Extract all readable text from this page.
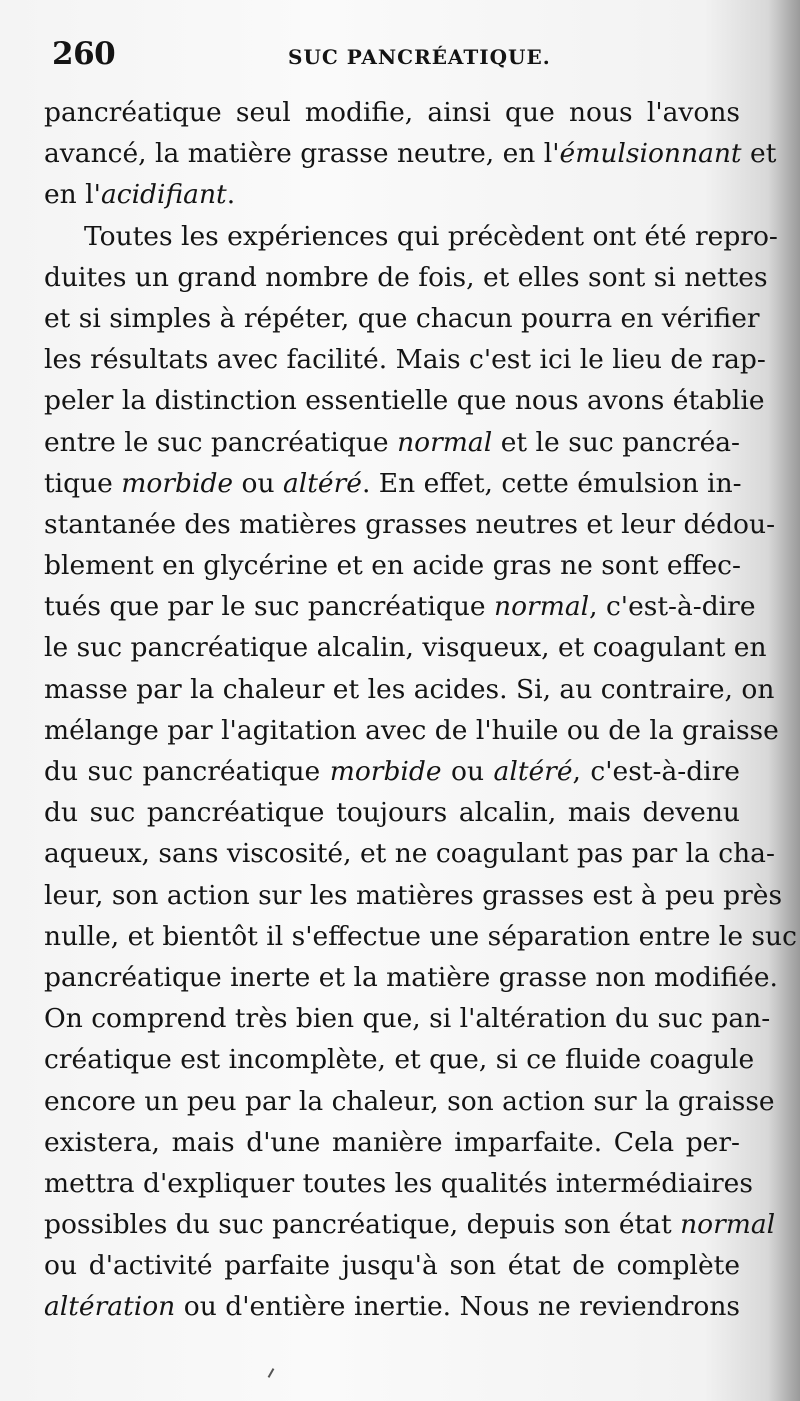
260	SUC PANCRÉATIQUE.
pancréatique seul modifie, ainsi que nous l'avons
avancé, la matière grasse neutre, en l'émulsionnant et
en l'acidifiant.
Toutes les expériences qui précèdent ont été repro-
duites un grand nombre de fois, et elles sont si nettes
et si simples à répéter, que chacun pourra en vérifier
les résultats avec facilité. Mais c'est ici le lieu de rap-
peler la distinction essentielle que nous avons établie
entre le suc pancréatique normal et le suc pancréa-
tique morbide ou altéré. En effet, cette émulsion in-
stantanée des matières grasses neutres et leur dédou-
blement en glycérine et en acide gras ne sont effec-
tués que par le suc pancréatique normal, c'est-à-dire
le suc pancréatique alcalin, visqueux, et coagulant en
masse par la chaleur et les acides. Si, au contraire, on
mélange par l'agitation avec de l'huile ou de la graisse
du suc pancréatique morbide ou altéré, c'est-à-dire
du suc pancréatique toujours alcalin, mais devenu
aqueux, sans viscosité, et ne coagulant pas par la cha-
leur, son action sur les matières grasses est à peu près
nulle, et bientôt il s'effectue une séparation entre le suc
pancréatique inerte et la matière grasse non modifiée.
On comprend très bien que, si l'altération du suc pan-
créatique est incomplète, et que, si ce fluide coagule
encore un peu par la chaleur, son action sur la graisse
existera, mais d'une manière imparfaite. Cela per-
mettra d'expliquer toutes les qualités intermédiaires
possibles du suc pancréatique, depuis son état normal
ou d'activité parfaite jusqu'à son état de complète
altération ou d'entière inertie. Nous ne reviendrons
